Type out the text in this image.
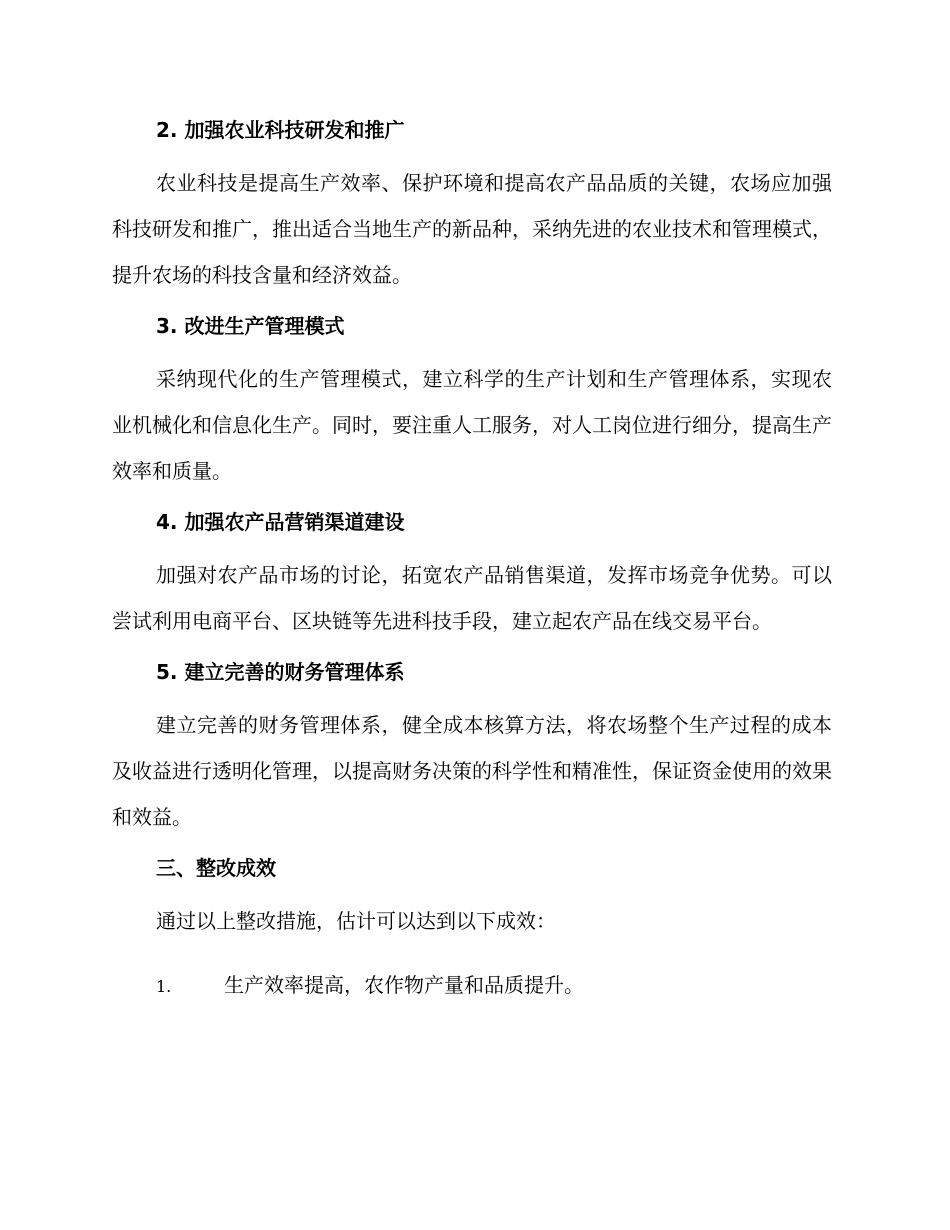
2. 加强农业科技研发和推广

农业科技是提高生产效率、保护环境和提高农产品品质的关键，农场应加强科技研发和推广，推出适合当地生产的新品种，采纳先进的农业技术和管理模式，提升农场的科技含量和经济效益。

3. 改进生产管理模式

采纳现代化的生产管理模式，建立科学的生产计划和生产管理体系，实现农业机械化和信息化生产。同时，要注重人工服务，对人工岗位进行细分，提高生产效率和质量。

4. 加强农产品营销渠道建设

加强对农产品市场的讨论，拓宽农产品销售渠道，发挥市场竞争优势。可以尝试利用电商平台、区块链等先进科技手段，建立起农产品在线交易平台。

5. 建立完善的财务管理体系

建立完善的财务管理体系，健全成本核算方法，将农场整个生产过程的成本及收益进行透明化管理，以提高财务决策的科学性和精准性，保证资金使用的效果和效益。

三、整改成效

通过以上整改措施，估计可以达到以下成效：

1.	生产效率提高，农作物产量和品质提升。
